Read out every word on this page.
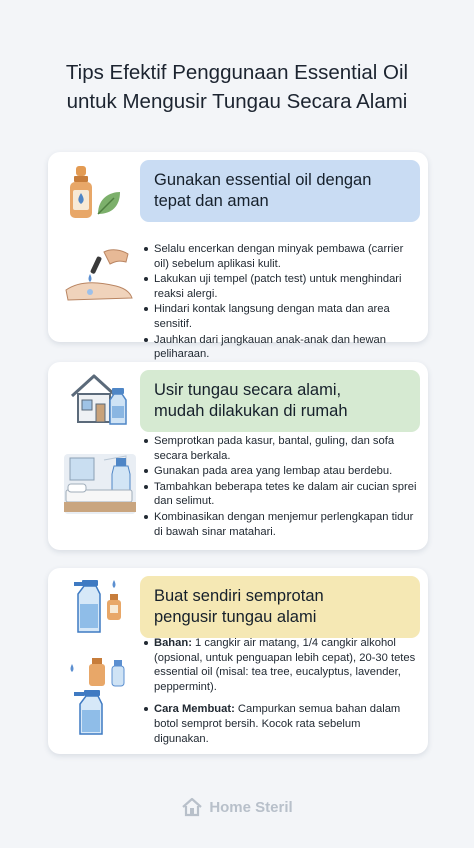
Tips Efektif Penggunaan Essential Oil
untuk Mengusir Tungau Secara Alami
Gunakan essential oil dengan
tepat dan aman
Selalu encerkan dengan minyak pembawa (carrier oil) sebelum aplikasi kulit.
Lakukan uji tempel (patch test) untuk menghindari reaksi alergi.
Hindari kontak langsung dengan mata dan area sensitif.
Jauhkan dari jangkauan anak-anak dan hewan peliharaan.
Usir tungau secara alami,
mudah dilakukan di rumah
Semprotkan pada kasur, bantal, guling, dan sofa secara berkala.
Gunakan pada area yang lembap atau berdebu.
Tambahkan beberapa tetes ke dalam air cucian sprei dan selimut.
Kombinasikan dengan menjemur perlengkapan tidur di bawah sinar matahari.
Buat sendiri semprotan
pengusir tungau alami
Bahan: 1 cangkir air matang, 1/4 cangkir alkohol (opsional, untuk penguapan lebih cepat), 20-30 tetes essential oil (misal: tea tree, eucalyptus, lavender, peppermint).
Cara Membuat: Campurkan semua bahan dalam botol semprot bersih. Kocok rata sebelum digunakan.
Home Steril
